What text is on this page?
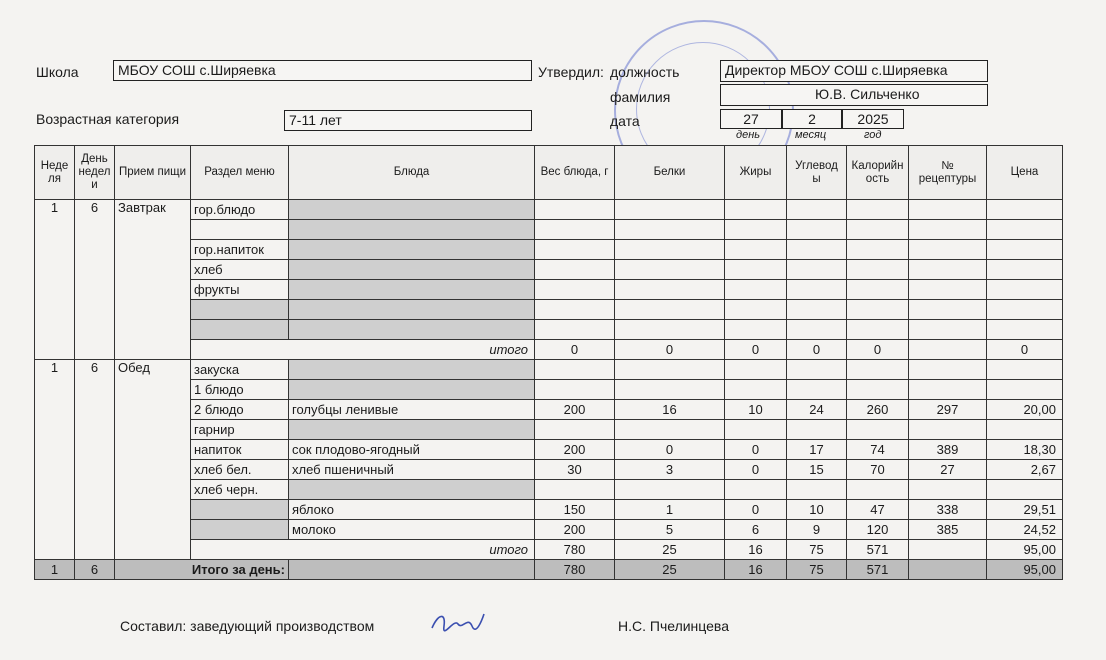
Школа	МБОУ СОШ с.Ширяевка
Возрастная категория	7-11 лет
Утвердил: должность	Директор МБОУ СОШ с.Ширяевка
фамилия	Ю.В. Сильченко
дата	27	2	2025
день	месяц	год
Неде ля	День недел и	Прием пищи	Раздел меню	Блюда	Вес блюда, г	Белки	Жиры	Углевод ы	Калорийн ость	№ рецептуры	Цена
1	6	Завтрак	гор.блюдо								

			гор.напиток								
			хлеб								
			фрукты								

			итого		0	0	0	0	0		0
1	6	Обед	закуска								
			1 блюдо								
			2 блюдо	голубцы ленивые	200	16	10	24	260	297	20,00
			гарнир								
			напиток	сок плодово-ягодный	200	0	0	17	74	389	18,30
			хлеб бел.	хлеб пшеничный	30	3	0	15	70	27	2,67
			хлеб черн.								
				яблоко	150	1	0	10	47	338	29,51
				молоко	200	5	6	9	120	385	24,52
			итого		780	25	16	75	571		95,00
1	6	Итого за день:			780	25	16	75	571		95,00
Составил: заведующий производством	Н.С. Пчелинцева
